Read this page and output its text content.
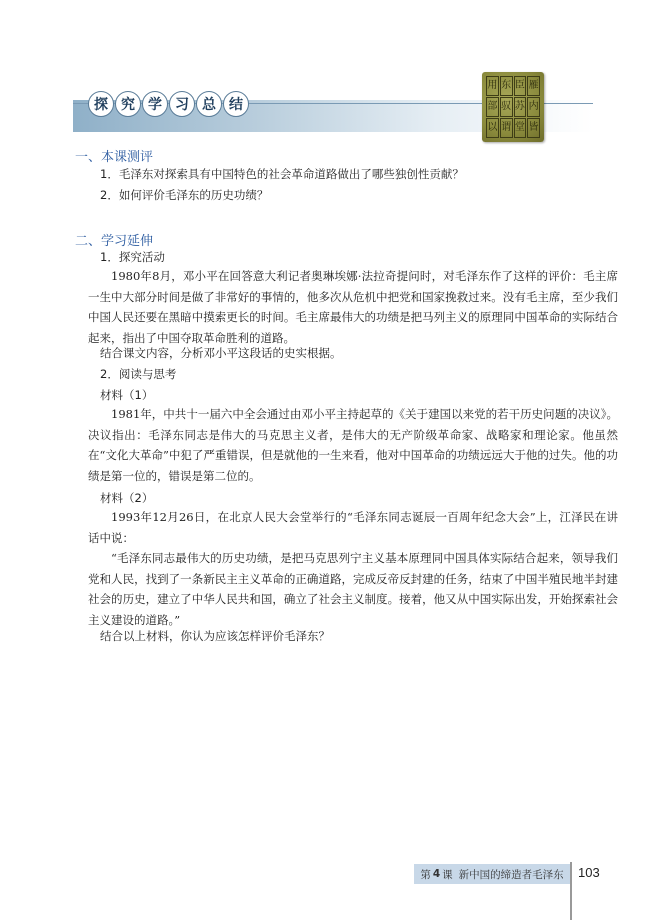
探 究 学 习 总 结
用 东 臣 雁
部 驭 苏 内
以 谓 堂 皆
一、本课测评
1．毛泽东对探索具有中国特色的社会革命道路做出了哪些独创性贡献？
2．如何评价毛泽东的历史功绩？
二、学习延伸
1．探究活动
1980年8月，邓小平在回答意大利记者奥琳埃娜·法拉奇提问时，对毛泽东作了这样的评价：毛主席一生中大部分时间是做了非常好的事情的，他多次从危机中把党和国家挽救过来。没有毛主席，至少我们中国人民还要在黑暗中摸索更长的时间。毛主席最伟大的功绩是把马列主义的原理同中国革命的实际结合起来，指出了中国夺取革命胜利的道路。
结合课文内容，分析邓小平这段话的史实根据。
2．阅读与思考
材料（1）
1981年，中共十一届六中全会通过由邓小平主持起草的《关于建国以来党的若干历史问题的决议》。决议指出：毛泽东同志是伟大的马克思主义者，是伟大的无产阶级革命家、战略家和理论家。他虽然在“文化大革命”中犯了严重错误，但是就他的一生来看，他对中国革命的功绩远远大于他的过失。他的功绩是第一位的，错误是第二位的。
材料（2）
1993年12月26日，在北京人民大会堂举行的“毛泽东同志诞辰一百周年纪念大会”上，江泽民在讲话中说：
“毛泽东同志最伟大的历史功绩，是把马克思列宁主义基本原理同中国具体实际结合起来，领导我们党和人民，找到了一条新民主主义革命的正确道路，完成反帝反封建的任务，结束了中国半殖民地半封建社会的历史，建立了中华人民共和国，确立了社会主义制度。接着，他又从中国实际出发，开始探索社会主义建设的道路。”
结合以上材料，你认为应该怎样评价毛泽东？
第 4 课 新中国的缔造者毛泽东 103
